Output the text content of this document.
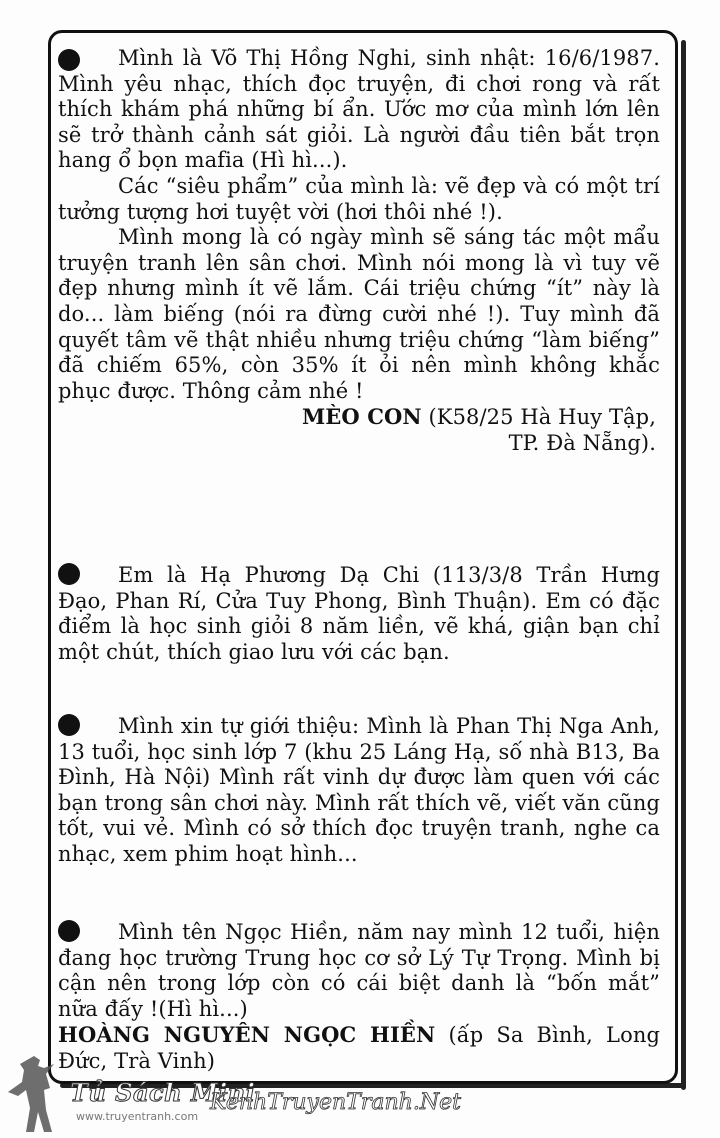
Mình là Võ Thị Hồng Nghi, sinh nhật: 16/6/1987. Mình yêu nhạc, thích đọc truyện, đi chơi rong và rất thích khám phá những bí ẩn. Ước mơ của mình lớn lên sẽ trở thành cảnh sát giỏi. Là người đầu tiên bắt trọn hang ổ bọn mafia (Hì hì...).

Các “siêu phẩm” của mình là: vẽ đẹp và có một trí tưởng tượng hơi tuyệt vời (hơi thôi nhé !).

Mình mong là có ngày mình sẽ sáng tác một mẩu truyện tranh lên sân chơi. Mình nói mong là vì tuy vẽ đẹp nhưng mình ít vẽ lắm. Cái triệu chứng “ít” này là do... làm biếng (nói ra đừng cười nhé !). Tuy mình đã quyết tâm vẽ thật nhiều nhưng triệu chứng “làm biếng” đã chiếm 65%, còn 35% ít ỏi nên mình không khắc phục được. Thông cảm nhé !

MÈO CON (K58/25 Hà Huy Tập,

TP. Đà Nẵng).

Em là Hạ Phương Dạ Chi (113/3/8 Trần Hưng Đạo, Phan Rí, Cửa Tuy Phong, Bình Thuận). Em có đặc điểm là học sinh giỏi 8 năm liền, vẽ khá, giận bạn chỉ một chút, thích giao lưu với các bạn.

Mình xin tự giới thiệu: Mình là Phan Thị Nga Anh, 13 tuổi, học sinh lớp 7 (khu 25 Láng Hạ, số nhà B13, Ba Đình, Hà Nội) Mình rất vinh dự được làm quen với các bạn trong sân chơi này. Mình rất thích vẽ, viết văn cũng tốt, vui vẻ. Mình có sở thích đọc truyện tranh, nghe ca nhạc, xem phim hoạt hình...

Mình tên Ngọc Hiền, năm nay mình 12 tuổi, hiện đang học trường Trung học cơ sở Lý Tự Trọng. Mình bị cận nên trong lớp còn có cái biệt danh là “bốn mắt” nữa đấy !(Hì hì...)

HOÀNG NGUYÊN NGỌC HIỀN (ấp Sa Bình, Long Đức, Trà Vinh)

Tủ Sách Mini
www.truyentranh.com
KenhTruyenTranh.Net
